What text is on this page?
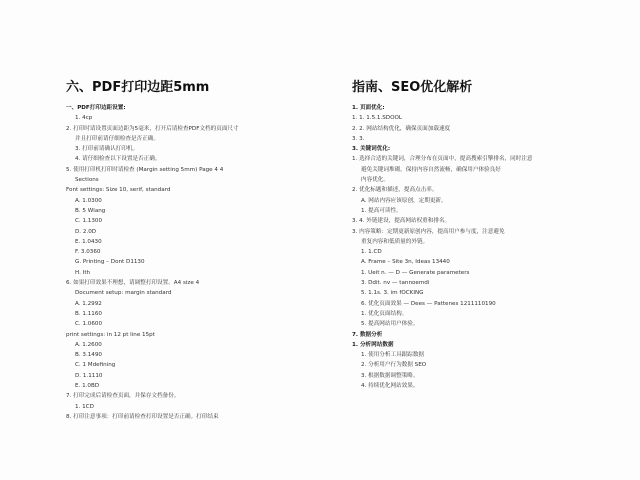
六、PDF打印边距5mm
一、PDF打印边距设置:
1. 4cp
2. 打印时请设置页面边距为5毫米，打开后请检查PDF文档的页面尺寸
并且打印前请仔细检查是否正确。
3. 打印前请确认打印机。
4. 请仔细检查以下设置是否正确。
5. 使用打印机打印时请检查 (Margin setting 5mm) Page 4 4
Sections
Font settings: Size 10, serif, standard
A. 1.0300
B. 5 Wlang
C. 1.1300
D. 2.0D
E. 1.0430
F. 3.0360
G. Printing – Dont D1130
H. Ith
6. 如果打印效果不理想，请调整打印设置。A4 size 4
Document setup: margin standard
A. 1.2992
B. 1.1160
C. 1.0600
print settings: in 12 pt line 15pt
A. 1.2600
B. 3.1490
C. 1 Mdefining
D. 1.1110
E. 1.0BD
7. 打印完成后请检查页面，并保存文档备份。
1. 1CD
8. 打印注意事项：打印前请检查打印设置是否正确。打印结束
指南、SEO优化解析
1. 页面优化:
1. 1. 1.5.1.SDOOL
2. 2. 网站结构优化，确保页面加载速度
3. 3.
3. 关键词优化:
1. 选择合适的关键词，合理分布在页面中，提高搜索引擎排名，同时注意
避免关键词堆砌，保持内容自然流畅，确保用户体验良好
内容优化。
2. 优化标题和描述，提高点击率。
A. 网站内容应该原创，定期更新。
1. 提高可读性。
3. 4. 外链建设，提高网站权重和排名。
3. 内容策略：定期更新原创内容，提高用户参与度，注意避免
重复内容和低质量的外链。
1. 1.CD
A. Frame – Site 3n, Ideas 13440
1. Ueit n. — D — Generate parameters
3. Ddit. nv — tannoemdi
5. 1.1s. 3. im fOCKING
6. 优化页面效果 — Dees — Pattenes 1211110190
1. 优化页面结构。
5. 提高网站用户体验。
7. 数据分析
1. 分析网站数据
1. 使用分析工具跟踪数据
2. 分析用户行为数据 SEO
3. 根据数据调整策略。
4. 持续优化网站效果。
